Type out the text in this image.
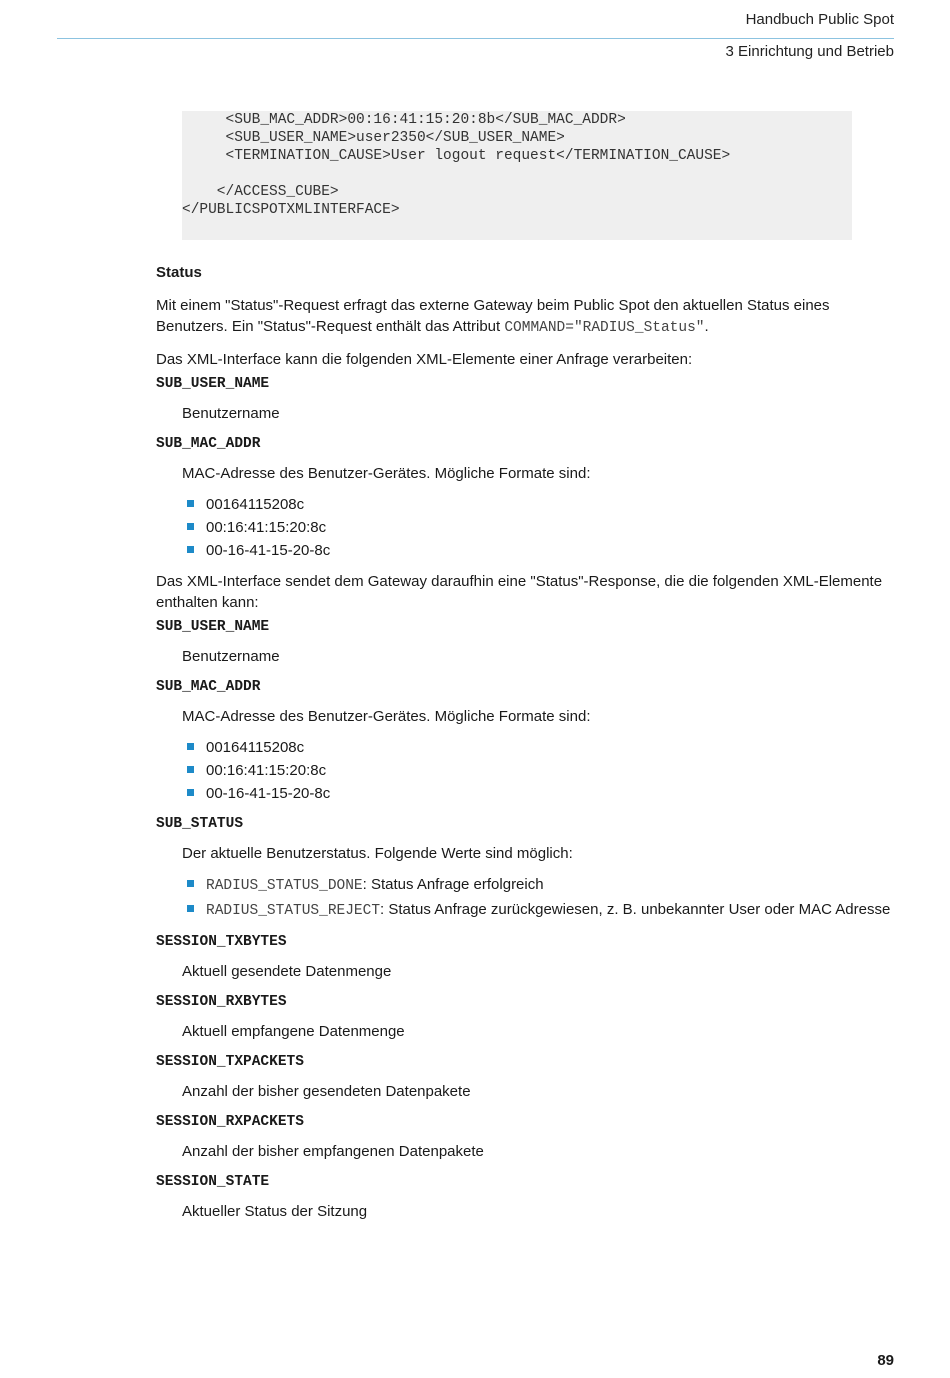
Handbuch Public Spot
3 Einrichtung und Betrieb
<SUB_MAC_ADDR>00:16:41:15:20:8b</SUB_MAC_ADDR>
<SUB_USER_NAME>user2350</SUB_USER_NAME>
<TERMINATION_CAUSE>User logout request</TERMINATION_CAUSE>
</ACCESS_CUBE>
</PUBLICSPOTXMLINTERFACE>
Status

Mit einem "Status"-Request erfragt das externe Gateway beim Public Spot den aktuellen Status eines Benutzers. Ein "Status"-Request enthält das Attribut COMMAND="RADIUS_Status".

Das XML-Interface kann die folgenden XML-Elemente einer Anfrage verarbeiten:

SUB_USER_NAME
Benutzername
SUB_MAC_ADDR
MAC-Adresse des Benutzer-Gerätes. Mögliche Formate sind:
00164115208c
00:16:41:15:20:8c
00-16-41-15-20-8c

Das XML-Interface sendet dem Gateway daraufhin eine "Status"-Response, die die folgenden XML-Elemente enthalten kann:

SUB_USER_NAME
Benutzername
SUB_MAC_ADDR
MAC-Adresse des Benutzer-Gerätes. Mögliche Formate sind:
00164115208c
00:16:41:15:20:8c
00-16-41-15-20-8c
SUB_STATUS
Der aktuelle Benutzerstatus. Folgende Werte sind möglich:
RADIUS_STATUS_DONE: Status Anfrage erfolgreich
RADIUS_STATUS_REJECT: Status Anfrage zurückgewiesen, z. B. unbekannter User oder MAC Adresse
SESSION_TXBYTES
Aktuell gesendete Datenmenge
SESSION_RXBYTES
Aktuell empfangene Datenmenge
SESSION_TXPACKETS
Anzahl der bisher gesendeten Datenpakete
SESSION_RXPACKETS
Anzahl der bisher empfangenen Datenpakete
SESSION_STATE
Aktueller Status der Sitzung
89
